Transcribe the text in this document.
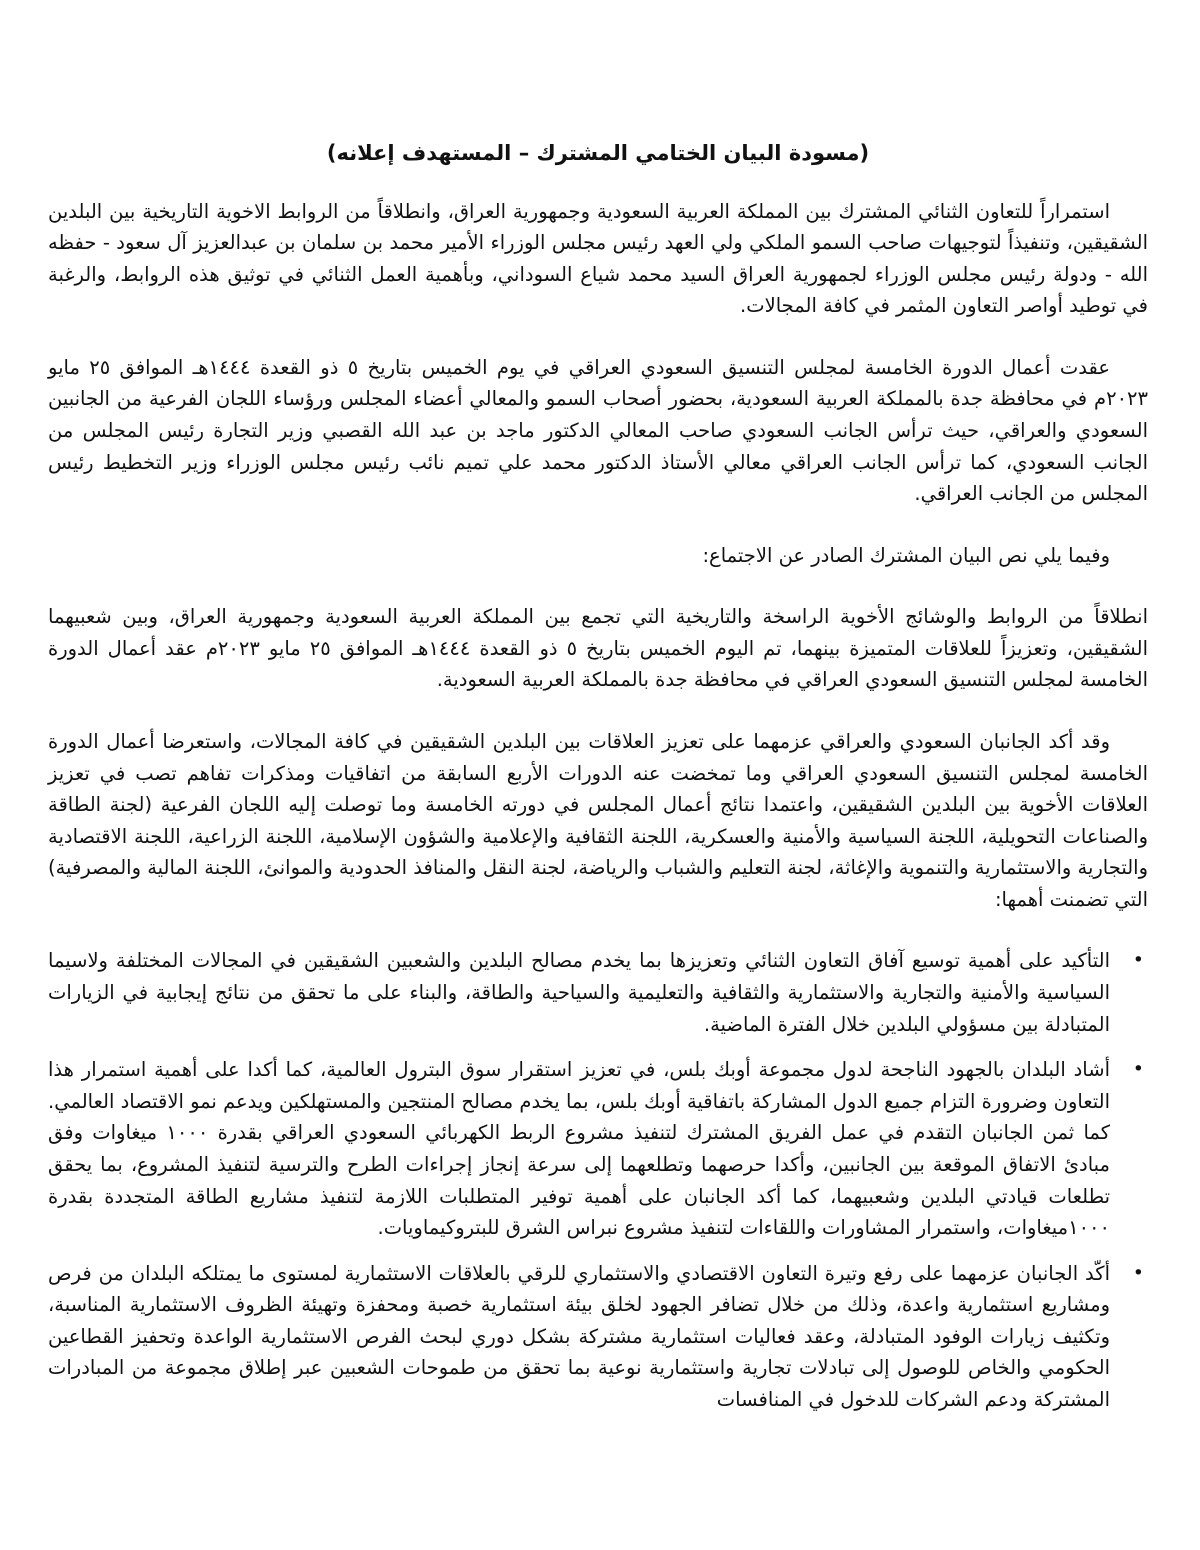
(مسودة البيان الختامي المشترك – المستهدف إعلانه)

استمراراً للتعاون الثنائي المشترك بين المملكة العربية السعودية وجمهورية العراق، وانطلاقاً من الروابط الاخوية التاريخية بين البلدين الشقيقين، وتنفيذاً لتوجيهات صاحب السمو الملكي ولي العهد رئيس مجلس الوزراء الأمير محمد بن سلمان بن عبدالعزيز آل سعود - حفظه الله - ودولة رئيس مجلس الوزراء لجمهورية العراق السيد محمد شياع السوداني، وبأهمية العمل الثنائي في توثيق هذه الروابط، والرغبة في توطيد أواصر التعاون المثمر في كافة المجالات.

عقدت أعمال الدورة الخامسة لمجلس التنسيق السعودي العراقي في يوم الخميس بتاريخ ٥ ذو القعدة ١٤٤٤هـ الموافق ٢٥ مايو ٢٠٢٣م في محافظة جدة بالمملكة العربية السعودية، بحضور أصحاب السمو والمعالي أعضاء المجلس ورؤساء اللجان الفرعية من الجانبين السعودي والعراقي، حيث ترأس الجانب السعودي صاحب المعالي الدكتور ماجد بن عبد الله القصبي وزير التجارة رئيس المجلس من الجانب السعودي، كما ترأس الجانب العراقي معالي الأستاذ الدكتور محمد علي تميم نائب رئيس مجلس الوزراء وزير التخطيط رئيس المجلس من الجانب العراقي.

وفيما يلي نص البيان المشترك الصادر عن الاجتماع:

انطلاقاً من الروابط والوشائج الأخوية الراسخة والتاريخية التي تجمع بين المملكة العربية السعودية وجمهورية العراق، وبين شعبيهما الشقيقين، وتعزيزاً للعلاقات المتميزة بينهما، تم اليوم الخميس بتاريخ ٥ ذو القعدة ١٤٤٤هـ الموافق ٢٥ مايو ٢٠٢٣م عقد أعمال الدورة الخامسة لمجلس التنسيق السعودي العراقي في محافظة جدة بالمملكة العربية السعودية.

وقد أكد الجانبان السعودي والعراقي عزمهما على تعزيز العلاقات بين البلدين الشقيقين في كافة المجالات، واستعرضا أعمال الدورة الخامسة لمجلس التنسيق السعودي العراقي وما تمخضت عنه الدورات الأربع السابقة من اتفاقيات ومذكرات تفاهم تصب في تعزيز العلاقات الأخوية بين البلدين الشقيقين، واعتمدا نتائج أعمال المجلس في دورته الخامسة وما توصلت إليه اللجان الفرعية (لجنة الطاقة والصناعات التحويلية، اللجنة السياسية والأمنية والعسكرية، اللجنة الثقافية والإعلامية والشؤون الإسلامية، اللجنة الزراعية، اللجنة الاقتصادية والتجارية والاستثمارية والتنموية والإغاثة، لجنة التعليم والشباب والرياضة، لجنة النقل والمنافذ الحدودية والموانئ، اللجنة المالية والمصرفية) التي تضمنت أهمها:

•
التأكيد على أهمية توسيع آفاق التعاون الثنائي وتعزيزها بما يخدم مصالح البلدين والشعبين الشقيقين في المجالات المختلفة ولاسيما السياسية والأمنية والتجارية والاستثمارية والثقافية والتعليمية والسياحية والطاقة، والبناء على ما تحقق من نتائج إيجابية في الزيارات المتبادلة بين مسؤولي البلدين خلال الفترة الماضية.
•
أشاد البلدان بالجهود الناجحة لدول مجموعة أوبك بلس، في تعزيز استقرار سوق البترول العالمية، كما أكدا على أهمية استمرار هذا التعاون وضرورة التزام جميع الدول المشاركة باتفاقية أوبك بلس، بما يخدم مصالح المنتجين والمستهلكين ويدعم نمو الاقتصاد العالمي. كما ثمن الجانبان التقدم في عمل الفريق المشترك لتنفيذ مشروع الربط الكهربائي السعودي العراقي بقدرة ١٠٠٠ ميغاوات وفق مبادئ الاتفاق الموقعة بين الجانبين، وأكدا حرصهما وتطلعهما إلى سرعة إنجاز إجراءات الطرح والترسية لتنفيذ المشروع، بما يحقق تطلعات قيادتي البلدين وشعبيهما، كما أكد الجانبان على أهمية توفير المتطلبات اللازمة لتنفيذ مشاريع الطاقة المتجددة بقدرة ١٠٠٠ميغاوات، واستمرار المشاورات واللقاءات لتنفيذ مشروع نبراس الشرق للبتروكيماويات.
•
أكّد الجانبان عزمهما على رفع وتيرة التعاون الاقتصادي والاستثماري للرقي بالعلاقات الاستثمارية لمستوى ما يمتلكه البلدان من فرص ومشاريع استثمارية واعدة، وذلك من خلال تضافر الجهود لخلق بيئة استثمارية خصبة ومحفزة وتهيئة الظروف الاستثمارية المناسبة، وتكثيف زيارات الوفود المتبادلة، وعقد فعاليات استثمارية مشتركة بشكل دوري لبحث الفرص الاستثمارية الواعدة وتحفيز القطاعين الحكومي والخاص للوصول إلى تبادلات تجارية واستثمارية نوعية بما تحقق من طموحات الشعبين عبر إطلاق مجموعة من المبادرات المشتركة ودعم الشركات للدخول في المنافسات
